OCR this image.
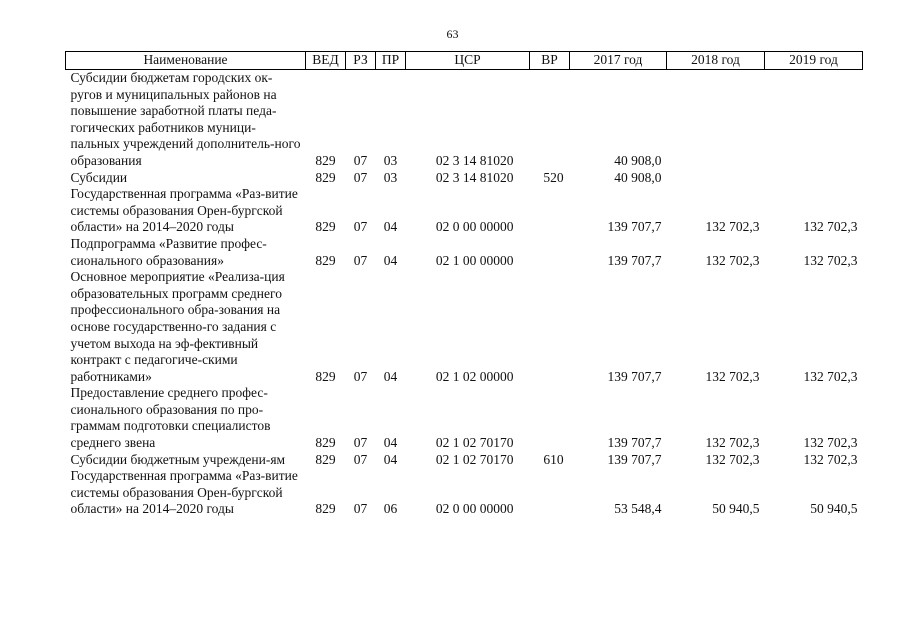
63
Наименование	ВЕД	РЗ	ПР	ЦСР	ВР	2017 год	2018 год	2019 год
Субсидии бюджетам городских ок-ругов и муниципальных районов на повышение заработной платы педа-гогических работников муници-пальных учреждений дополнитель-ного образования	829	07	03	02 3 14 81020		40 908,0		
Субсидии	829	07	03	02 3 14 81020	520	40 908,0		
Государственная программа «Раз-витие системы образования Орен-бургской области» на 2014–2020 годы	829	07	04	02 0 00 00000		139 707,7	132 702,3	132 702,3
Подпрограмма «Развитие профес-сионального образования»	829	07	04	02 1 00 00000		139 707,7	132 702,3	132 702,3
Основное мероприятие «Реализа-ция образовательных программ среднего профессионального обра-зования на основе государственно-го задания с учетом выхода на эф-фективный контракт с педагогиче-скими работниками»	829	07	04	02 1 02 00000		139 707,7	132 702,3	132 702,3
Предоставление среднего профес-сионального образования по про-граммам подготовки специалистов среднего звена	829	07	04	02 1 02 70170		139 707,7	132 702,3	132 702,3
Субсидии бюджетным учреждени-ям	829	07	04	02 1 02 70170	610	139 707,7	132 702,3	132 702,3
Государственная программа «Раз-витие системы образования Орен-бургской области» на 2014–2020 годы	829	07	06	02 0 00 00000		53 548,4	50 940,5	50 940,5
